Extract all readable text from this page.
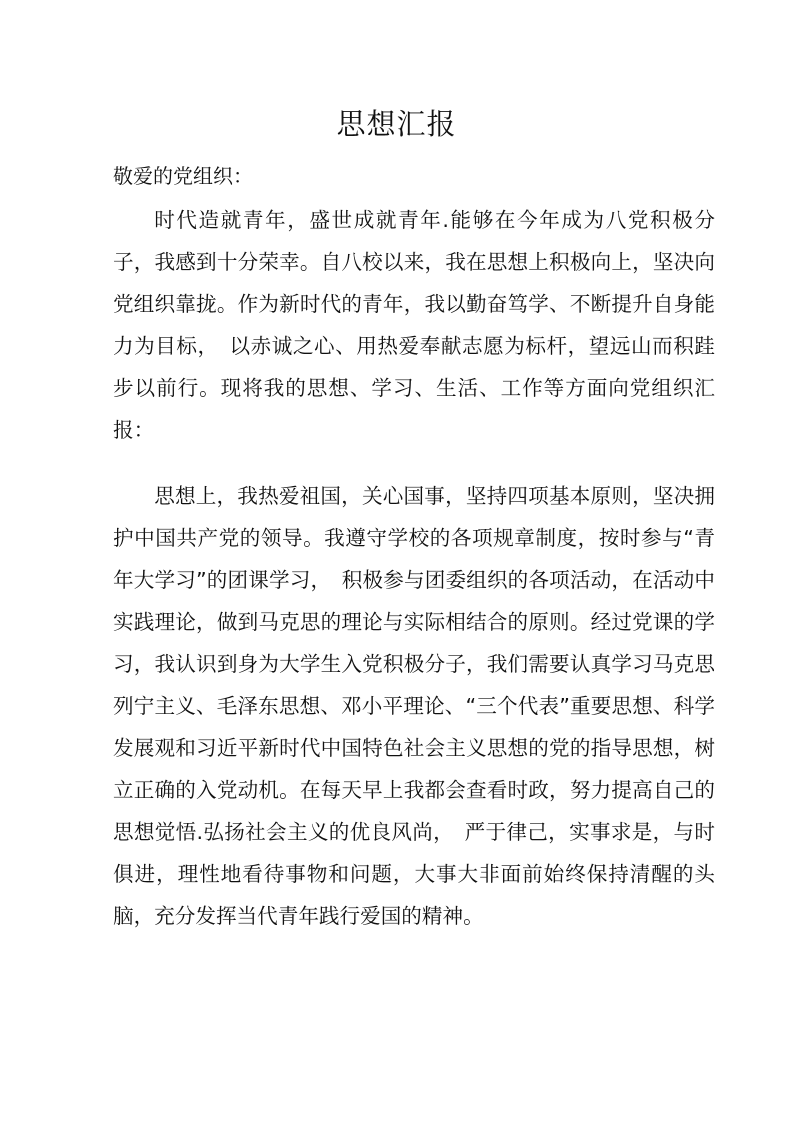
思想汇报
敬爱的党组织：
时代造就青年，盛世成就青年.能够在今年成为八党积极分子，我感到十分荣幸。自八校以来，我在思想上积极向上，坚决向党组织靠拢。作为新时代的青年，我以勤奋笃学、不断提升自身能力为目标，　以赤诚之心、用热爱奉献志愿为标杆，望远山而积跬步以前行。现将我的思想、学习、生活、工作等方面向党组织汇报：
思想上，我热爱祖国，关心国事，坚持四项基本原则，坚决拥护中国共产党的领导。我遵守学校的各项规章制度，按时参与“青年大学习”的团课学习，　积极参与团委组织的各项活动，在活动中实践理论，做到马克思的理论与实际相结合的原则。经过党课的学习，我认识到身为大学生入党积极分子，我们需要认真学习马克思列宁主义、毛泽东思想、邓小平理论、“三个代表”重要思想、科学发展观和习近平新时代中国特色社会主义思想的党的指导思想，树立正确的入党动机。在每天早上我都会查看时政，努力提高自己的思想觉悟.弘扬社会主义的优良风尚，　严于律己，实事求是，与时俱进，理性地看待事物和问题，大事大非面前始终保持清醒的头脑，充分发挥当代青年践行爱国的精神。
